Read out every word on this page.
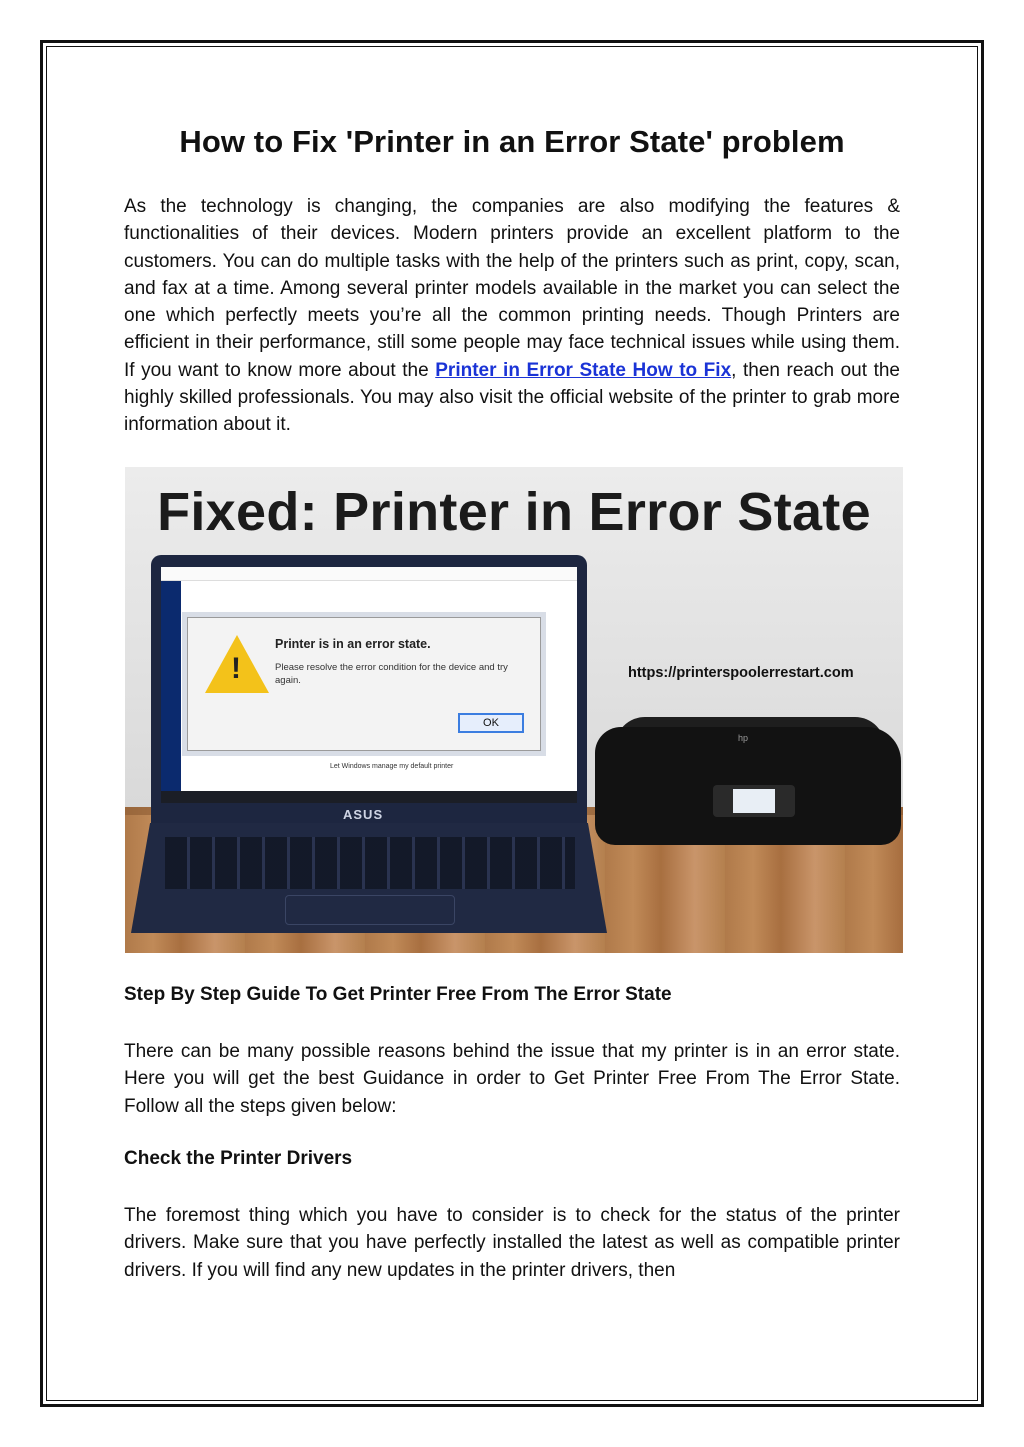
How to Fix 'Printer in an Error State' problem

As the technology is changing, the companies are also modifying the features & functionalities of their devices. Modern printers provide an excellent platform to the customers. You can do multiple tasks with the help of the printers such as print, copy, scan, and fax at a time. Among several printer models available in the market you can select the one which perfectly meets you’re all the common printing needs. Though Printers are efficient in their performance, still some people may face technical issues while using them. If you want to know more about the Printer in Error State How to Fix, then reach out the highly skilled professionals. You may also visit the official website of the printer to grab more information about it.

Fixed: Printer in Error State
!
Printer is in an error state.
Please resolve the error condition for the device and try again.
OK
Let Windows manage my default printer
ASUS
hp
https://printerspoolerrestart.com
Step By Step Guide To Get Printer Free From The Error State

There can be many possible reasons behind the issue that my printer is in an error state. Here you will get the best Guidance in order to Get Printer Free From The Error State. Follow all the steps given below:

Check the Printer Drivers

The foremost thing which you have to consider is to check for the status of the printer drivers. Make sure that you have perfectly installed the latest as well as compatible printer drivers. If you will find any new updates in the printer drivers, then
